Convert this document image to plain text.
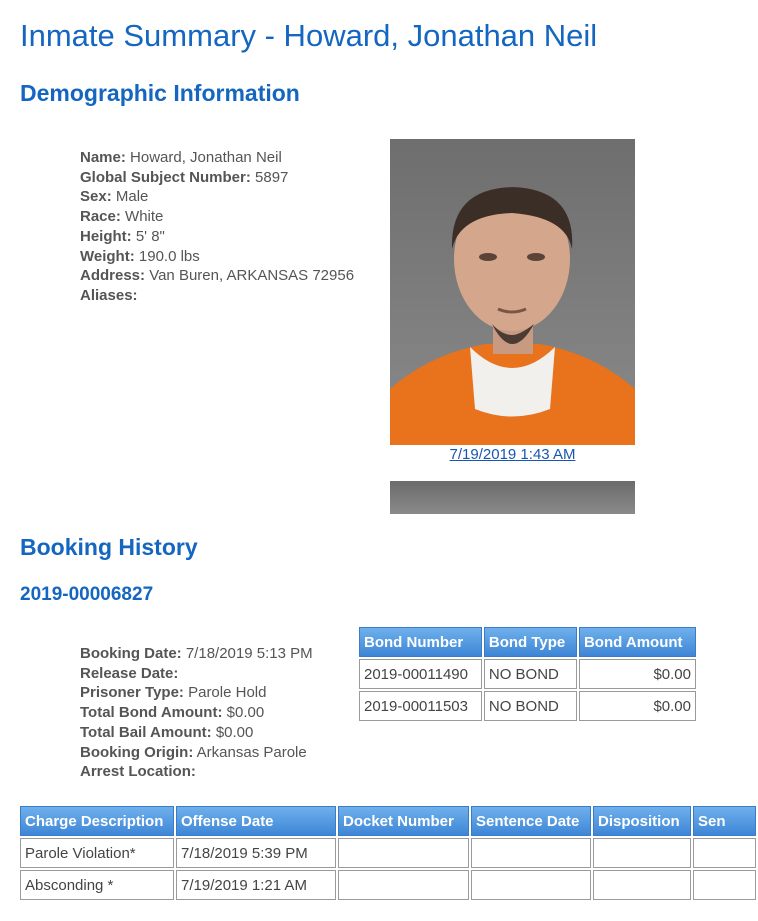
Inmate Summary - Howard, Jonathan Neil
Demographic Information
Name: Howard, Jonathan Neil
Global Subject Number: 5897
Sex: Male
Race: White
Height: 5' 8"
Weight: 190.0 lbs
Address: Van Buren, ARKANSAS 72956
Aliases:
7/19/2019 1:43 AM
Booking History
2019-00006827
Booking Date: 7/18/2019 5:13 PM
Release Date:
Prisoner Type: Parole Hold
Total Bond Amount: $0.00
Total Bail Amount: $0.00
Booking Origin: Arkansas Parole
Arrest Location:
Bond Number	Bond Type	Bond Amount
2019-00011490	NO BOND	$0.00
2019-00011503	NO BOND	$0.00
Charge Description	Offense Date	Docket Number	Sentence Date	Disposition	Sen
Parole Violation*	7/18/2019 5:39 PM				
Absconding *	7/19/2019 1:21 AM				
